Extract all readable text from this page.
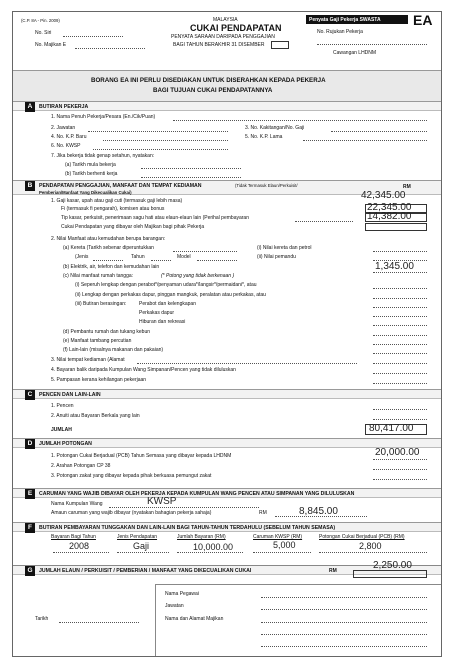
(C.P. 8A - Pin. 2009)	MALAYSIA
CUKAI PENDAPATAN
PENYATA SARAAN DARIPADA PENGGAJIAN
BAGI TAHUN BERAKHIR 31 DISEMBER
Penyata Gaji Pekerja SWASTA	EA
No. Siri
No. Majikan E
No. Rujukan Pekerja
Cawangan LHDNM
BORANG EA INI PERLU DISEDIAKAN UNTUK DISERAHKAN KEPADA PEKERJA
BAGI TUJUAN CUKAI PENDAPATANNYA
A	BUTIRAN PEKERJA
1. Nama Penuh Pekerja/Pesara (En./Cik/Puan)
2. Jawatan	3. No. Kakitangan/No. Gaji
4. No. K.P. Baru	5. No. K.P. Lama
6. No. KWSP
7. Jika bekerja tidak genap setahun, nyatakan:
(a) Tarikh mula bekerja
(b) Tarikh berhenti kerja
B	PENDAPATAN PENGGAJIAN, MANFAAT DAN TEMPAT KEDIAMAN	(Tidak Termasuk Elaun/Perkuisit/
Pemberian/Manfaat Yang Dikecualikan Cukai)
RM
1. Gaji kasar, upah atau gaji cuti (termasuk gaji lebih masa)	42,345.00
Fi (termasuk fi pengarah), komisen atau bonus	22,345.00
Tip kasar, perkuisit, penerimaan sagu hati atau elaun-elaun lain (Perihal pembayaran	14,382.00
Cukai Pendapatan yang dibayar oleh Majikan bagi pihak Pekerja
2. Nilai Manfaat atau kemudahan berupa barangan:
(a) Kereta (Tarikh sebenar diperuntukkan	(i) Nilai kereta dan petrol
(Jenis	Tahun	Model	(ii) Nilai pemandu
(b) Elektrik, air, telefon dan kemudahan lain	1,345.00
(c) Nilai manfaat rumah tangga:	(* Potong yang tidak berkenaan )
(i) Seperuh lengkap dengan perabot*/penyaman udara*/langsir*/permaidani*, atau
(ii) Lengkap dengan perkakas dapur, pinggan mangkuk, peralatan atau perkakas, atau
(iii) Butiran berasingan:	Perabot dan kelengkapan
Perkakas dapur
Hiburan dan rekreasi
(d) Pembantu rumah dan tukang kebun
(e) Manfaat tambang percutian
(f) Lain-lain (misalnya makanan dan pakaian)
3. Nilai tempat kediaman (Alamat
4. Bayaran balik daripada Kumpulan Wang Simpanan/Pencen yang tidak diluluskan
5. Pampasan kerana kehilangan pekerjaan
C	PENCEN DAN LAIN-LAIN
1. Pencen
2. Anuiti atau Bayaran Berkala yang lain
JUMLAH	80,417.00
D	JUMLAH POTONGAN
1. Potongan Cukai Berjadual (PCB) Tahun Semasa yang dibayar kepada LHDNM	20,000.00
2. Arahan Potongan CP 38
3. Potongan zakat yang dibayar kepada pihak berkuasa pemungut zakat
E	CARUMAN YANG WAJIB DIBAYAR OLEH PEKERJA KEPADA KUMPULAN WANG PENCEN ATAU SIMPANAN YANG DILULUSKAN
Nama Kumpulan Wang	KWSP
Amaun caruman yang wajib dibayar (nyatakan bahagian pekerja sahaja)	RM	8,845.00
F	BUTIRAN PEMBAYARAN TUNGGAKAN DAN LAIN-LAIN BAGI TAHUN-TAHUN TERDAHULU (SEBELUM TAHUN SEMASA)
Bayaran Bagi Tahun	Jenis Pendapatan	Jumlah Bayaran (RM)	Caruman KWSP (RM)	Potongan Cukai Berjadual (PCB) (RM)
2008	Gaji	10,000.00	5,000	2,800
G	JUMLAH ELAUN / PERKUISIT / PEMBERIAN / MANFAAT YANG DIKECUALIKAN CUKAI	RM	2,250.00
Nama Pegawai
Jawatan
Nama dan Alamat Majikan
Tarikh
